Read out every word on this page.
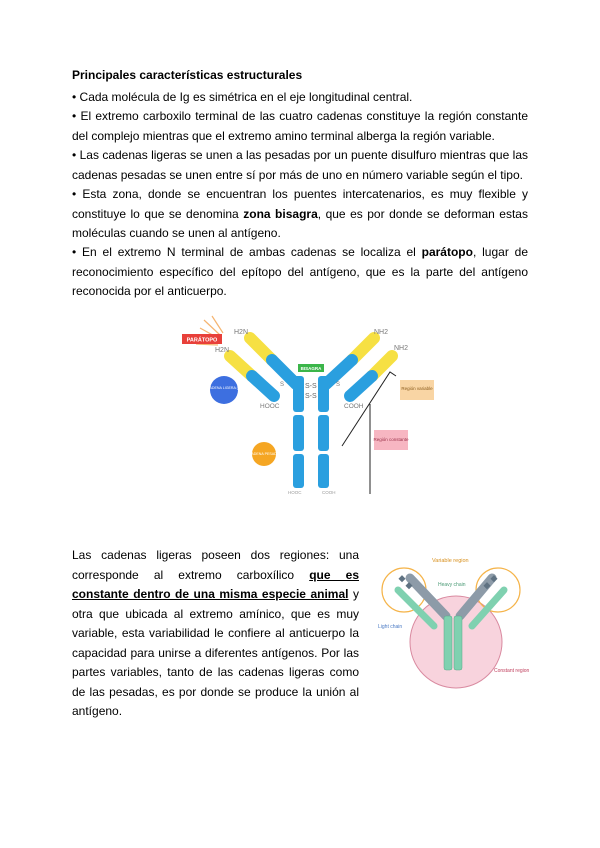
Principales características estructurales
• Cada molécula de Ig es simétrica en el eje longitudinal central.
• El extremo carboxilo terminal de las cuatro cadenas constituye la región constante del complejo mientras que el extremo amino terminal alberga la región variable.
• Las cadenas ligeras se unen a las pesadas por un puente disulfuro mientras que las cadenas pesadas se unen entre sí por más de uno en número variable según el tipo.
• Esta zona, donde se encuentran los puentes intercatenarios, es muy flexible y constituye lo que se denomina zona bisagra, que es por donde se deforman estas moléculas cuando se unen al antígeno.
• En el extremo N terminal de ambas cadenas se localiza el parátopo, lugar de reconocimiento específico del epítopo del antígeno, que es la parte del antígeno reconocida por el anticuerpo.
PARÁTOPO
BISAGRA
S-S
S-S
S	S
H2N
H2N
NH2
NH2
HOOC	COOH
HOOC	COOH
CADENA LIGERA (L)
CADENA PESADA
Región variable
Región constante
Las cadenas ligeras poseen dos regiones: una corresponde al extremo carboxílico que es constante dentro de una misma especie animal y otra que ubicada al extremo amínico, que es muy variable, esta variabilidad le confiere al anticuerpo la capacidad para unirse a diferentes antígenos. Por las partes variables, tanto de las cadenas ligeras como de las pesadas, es por donde se produce la unión al antígeno.
Variable region
Heavy chain
Light chain
Constant region
